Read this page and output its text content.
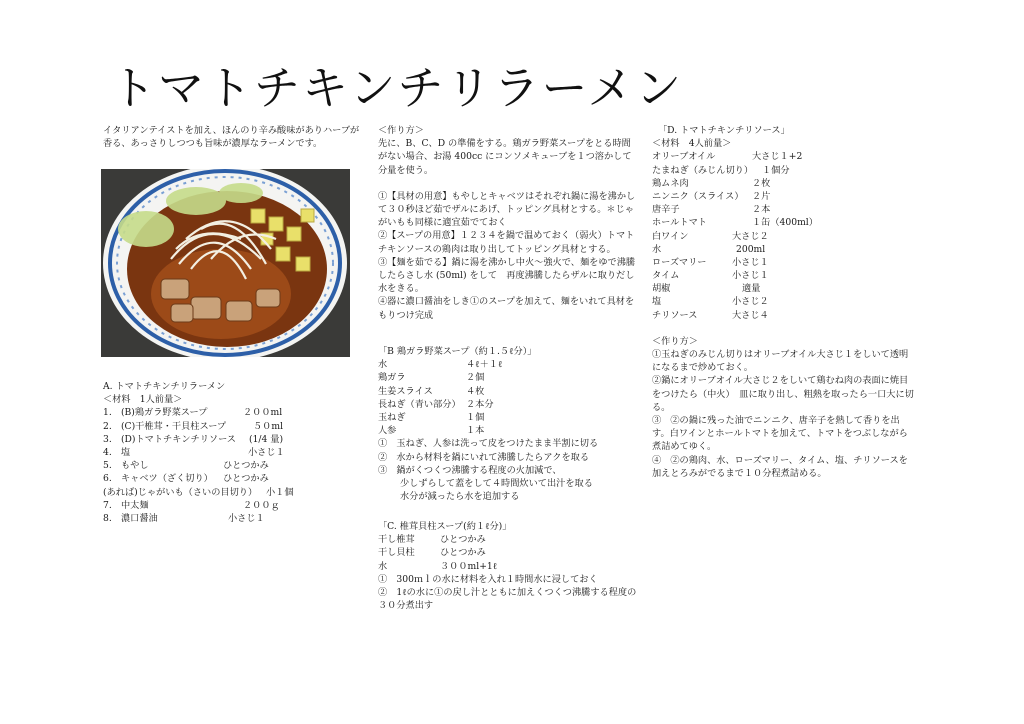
トマトチキンチリラーメン
イタリアンテイストを加え、ほんのり辛み酸味がありハーブが香る、あっさりしつつも旨味が濃厚なラーメンです。

A. トマトチキンチリラーメン

＜材料　1人前量＞

1.　(B)鶏ガラ野菜スープ	２００ml
2.　(C)干椎茸・干貝柱スープ	５０ml
3.　(D)トマトチキンチリソース	(1/4 量)
4.　塩	小さじ１
5.　もやし	ひとつかみ
6.　キャベツ（ざく切り）	ひとつかみ
(あれば)じゃがいも（さいの目切り） 小１個
7.　中太麺	２００ｇ
8.　濃口醤油	小さじ１

＜作り方＞

先に、B、C、D の準備をする。鶏ガラ野菜スープをとる時間がない場合、お湯 400cc にコンソメキューブを１つ溶かして分量を使う。

①【具材の用意】もやしとキャベツはそれぞれ鍋に湯を沸かして３０秒ほど茹でザルにあげ、トッピング具材とする。＊じゃがいもも同様に適宜茹でておく

②【スープの用意】１２３４を鍋で温めておく（弱火）トマトチキンソースの鶏肉は取り出してトッピング具材とする。

③【麺を茹でる】鍋に湯を沸かし中火～強火で、麺をゆで沸騰したらさし水 (50ml) をして　再度沸騰したらザルに取りだし水をきる。

④器に濃口醤油をしき①のスープを加えて、麺をいれて具材をもりつけ完成

「B 鶏ガラ野菜スープ（約１.５ℓ分）」

水	４ℓ＋１ℓ
鶏ガラ	２個
生姜スライス	４枚
長ねぎ（青い部分） ２本分
玉ねぎ	１個
人参	１本

①　玉ねぎ、人参は洗って皮をつけたまま半割に切る

②　水から材料を鍋にいれて沸騰したらアクを取る

③　鍋がくつくつ沸騰する程度の火加減で、

少しずらして蓋をして４時間炊いて出汁を取る

水分が減ったら水を追加する

「C. 椎茸貝柱スープ(約１ℓ分)」

干し椎茸	ひとつかみ
干し貝柱	ひとつかみ
水	３００ml+1ℓ

①　300ｍｌの水に材料を入れ１時間水に浸しておく

②　1ℓの水に①の戻し汁とともに加えくつくつ沸騰する程度の３０分煮出す

「D. トマトチキンチリソース」

＜材料　4人前量＞

オリーブオイル	大さじ１+2
たまねぎ（みじん切り） １個分
鶏ムネ肉	２枚
ニンニク（スライス） ２片
唐辛子	２本
ホールトマト	１缶（400ml）
白ワイン	大さじ２
水	200ml
ローズマリー	小さじ１
タイム	小さじ１
胡椒	適量
塩	小さじ２
チリソース	大さじ４

＜作り方＞

①玉ねぎのみじん切りはオリーブオイル大さじ１をしいて透明になるまで炒めておく。

②鍋にオリーブオイル大さじ２をしいて鶏むね肉の表面に焼目をつけたら（中火）　皿に取り出し、粗熱を取ったら一口大に切る。

③　②の鍋に残った油でニンニク、唐辛子を熱して香りを出す。白ワインとホールトマトを加えて、トマトをつぶしながら煮詰めてゆく。

④　②の鶏肉、水、ローズマリー、タイム、塩、チリソースを加えとろみがでるまで１０分程煮詰める。
